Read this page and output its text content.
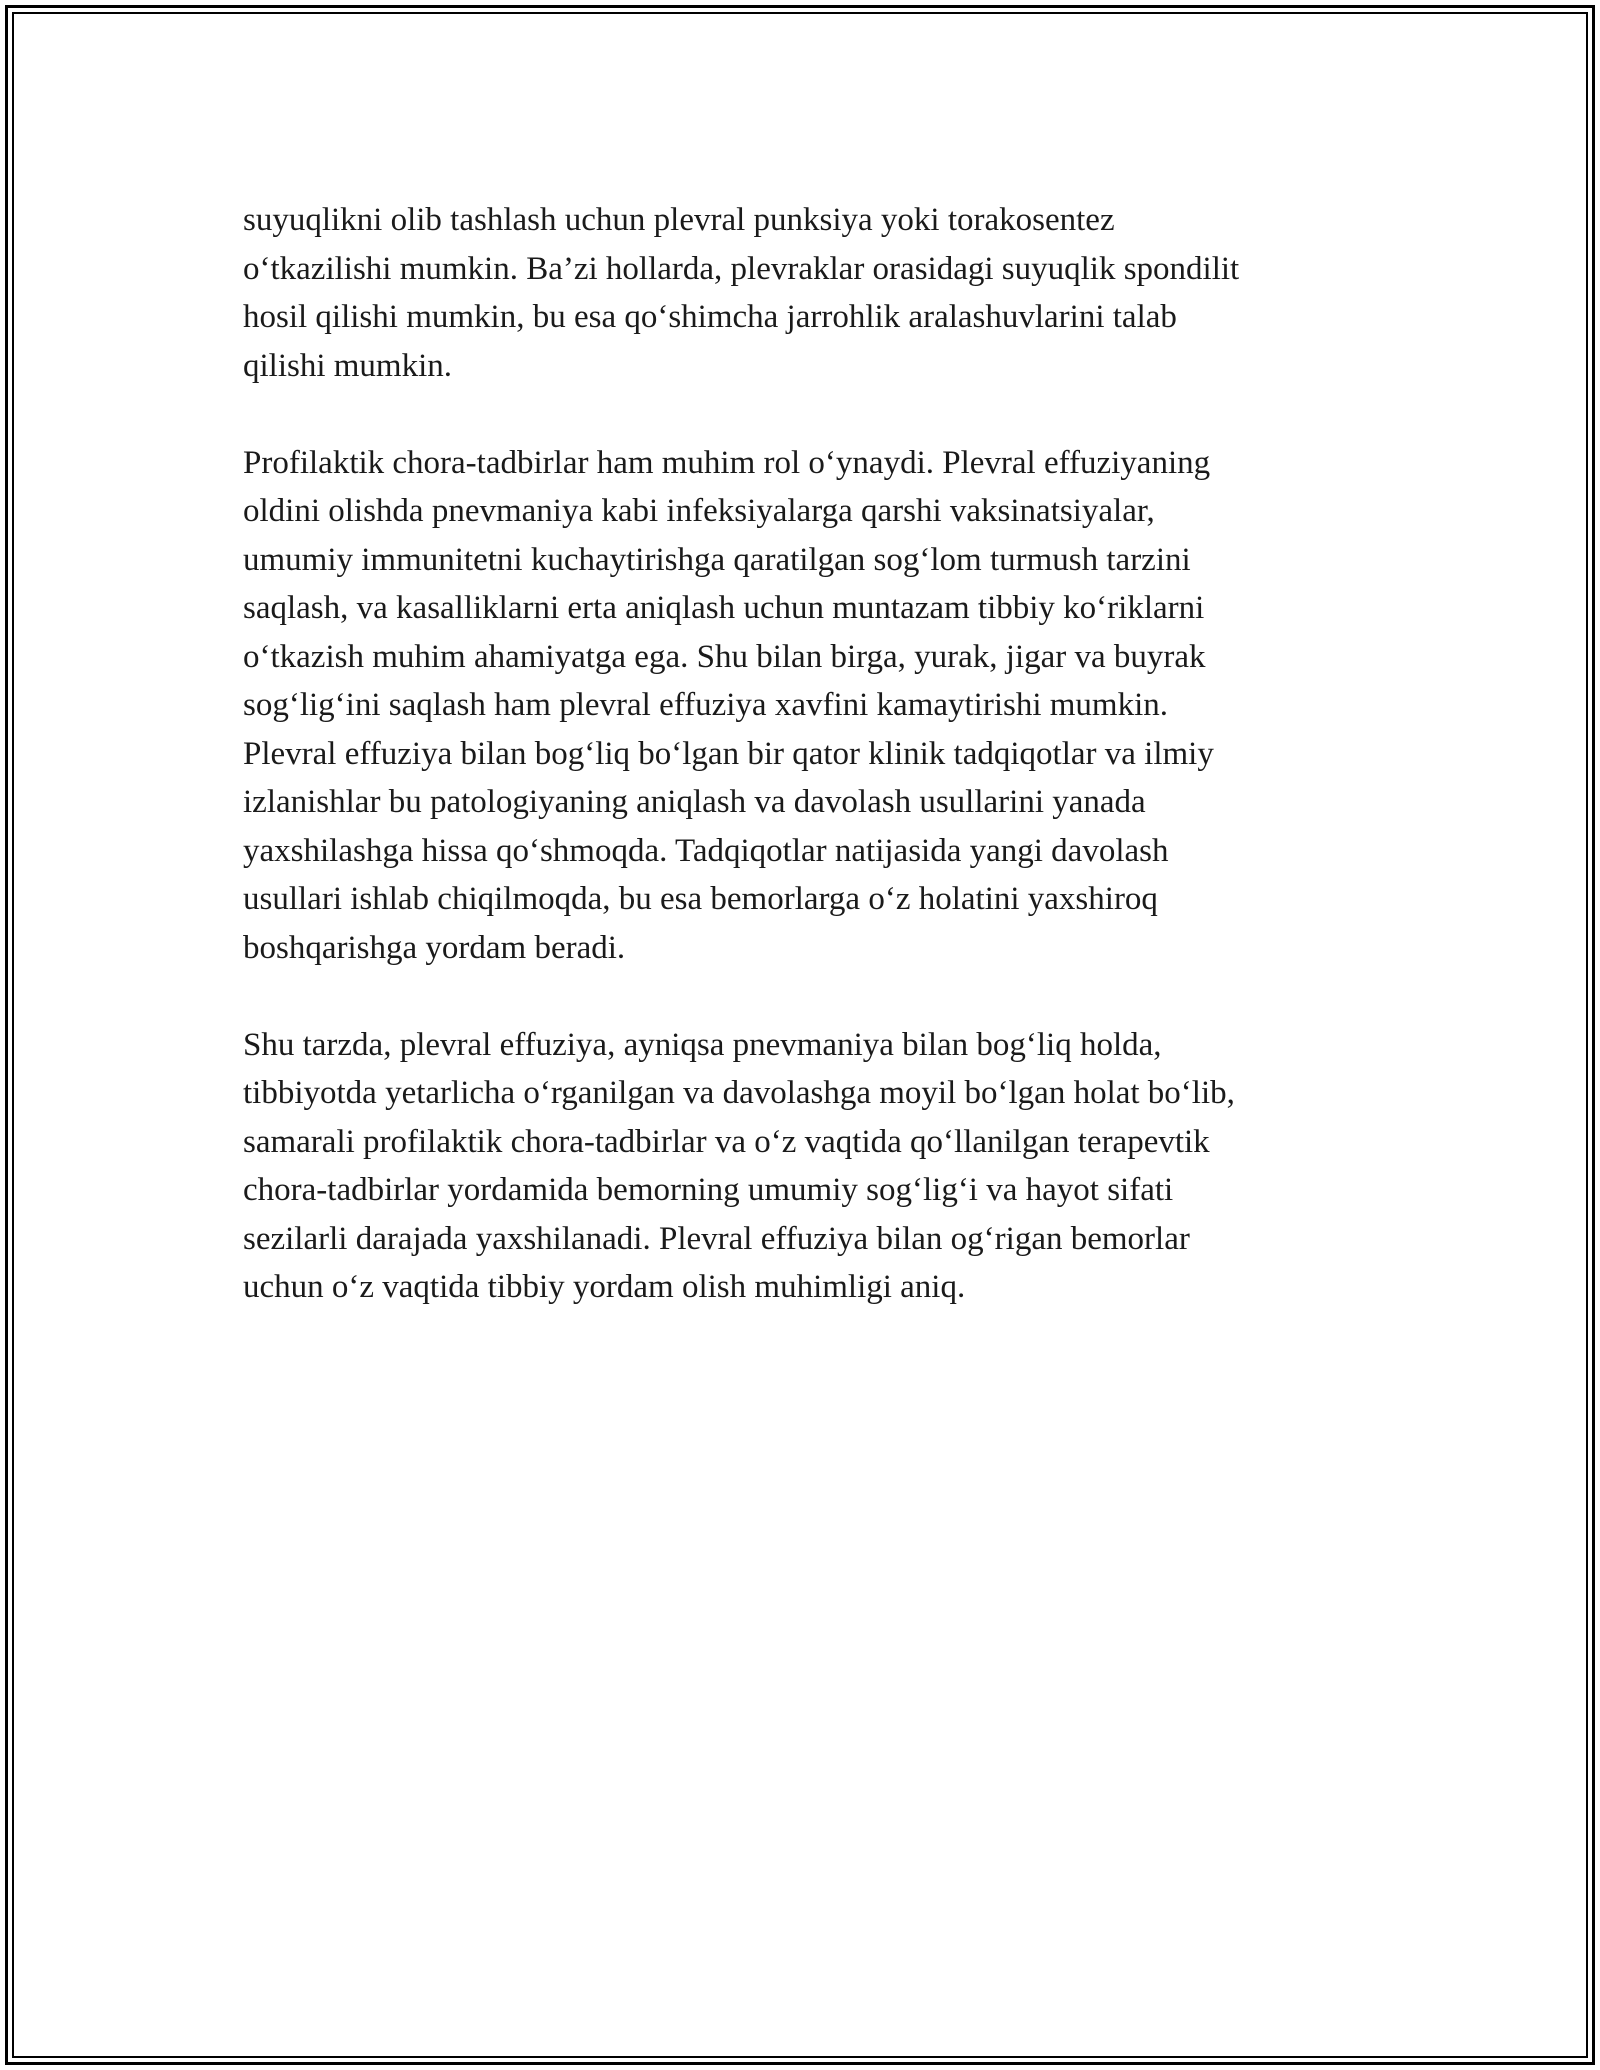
suyuqlikni olib tashlash uchun plevral punksiya yoki torakosentez
o‘tkazilishi mumkin. Ba’zi hollarda, plevraklar orasidagi suyuqlik spondilit
hosil qilishi mumkin, bu esa qo‘shimcha jarrohlik aralashuvlarini talab
qilishi mumkin.

Profilaktik chora-tadbirlar ham muhim rol o‘ynaydi. Plevral effuziyaning
oldini olishda pnevmaniya kabi infeksiyalarga qarshi vaksinatsiyalar,
umumiy immunitetni kuchaytirishga qaratilgan sog‘lom turmush tarzini
saqlash, va kasalliklarni erta aniqlash uchun muntazam tibbiy ko‘riklarni
o‘tkazish muhim ahamiyatga ega. Shu bilan birga, yurak, jigar va buyrak
sog‘lig‘ini saqlash ham plevral effuziya xavfini kamaytirishi mumkin.
Plevral effuziya bilan bog‘liq bo‘lgan bir qator klinik tadqiqotlar va ilmiy
izlanishlar bu patologiyaning aniqlash va davolash usullarini yanada
yaxshilashga hissa qo‘shmoqda. Tadqiqotlar natijasida yangi davolash
usullari ishlab chiqilmoqda, bu esa bemorlarga o‘z holatini yaxshiroq
boshqarishga yordam beradi.

Shu tarzda, plevral effuziya, ayniqsa pnevmaniya bilan bog‘liq holda,
tibbiyotda yetarlicha o‘rganilgan va davolashga moyil bo‘lgan holat bo‘lib,
samarali profilaktik chora-tadbirlar va o‘z vaqtida qo‘llanilgan terapevtik
chora-tadbirlar yordamida bemorning umumiy sog‘lig‘i va hayot sifati
sezilarli darajada yaxshilanadi. Plevral effuziya bilan og‘rigan bemorlar
uchun o‘z vaqtida tibbiy yordam olish muhimligi aniq.
